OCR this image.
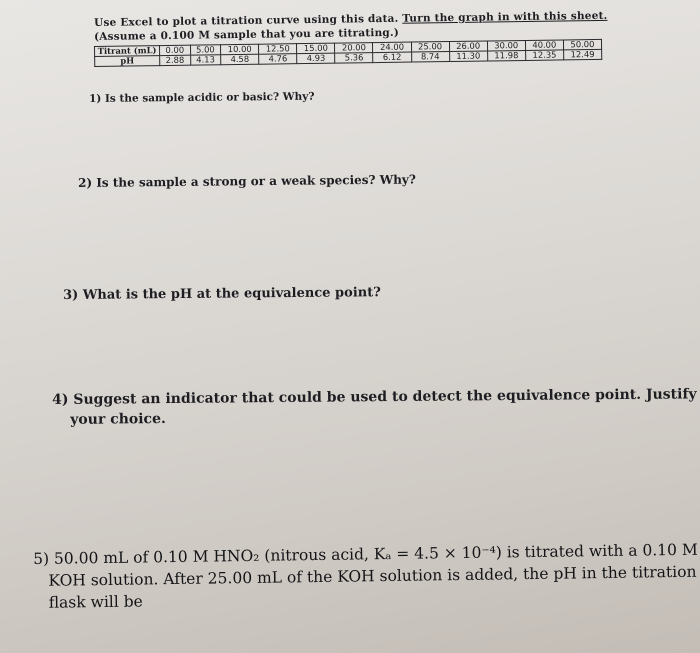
Use Excel to plot a titration curve using this data. Turn the graph in with this sheet.
(Assume a 0.100 M sample that you are titrating.)
Titrant (mL)	0.00	5.00	10.00	12.50	15.00	20.00	24.00	25.00	26.00	30.00	40.00	50.00
pH	2.88	4.13	4.58	4.76	4.93	5.36	6.12	8.74	11.30	11.98	12.35	12.49
1) Is the sample acidic or basic? Why?
2) Is the sample a strong or a weak species? Why?
3) What is the pH at the equivalence point?
4) Suggest an indicator that could be used to detect the equivalence point. Justify
your choice.
5) 50.00 mL of 0.10 M HNO₂ (nitrous acid, Kₐ = 4.5 × 10⁻⁴) is titrated with a 0.10 M
KOH solution. After 25.00 mL of the KOH solution is added, the pH in the titration
flask will be
